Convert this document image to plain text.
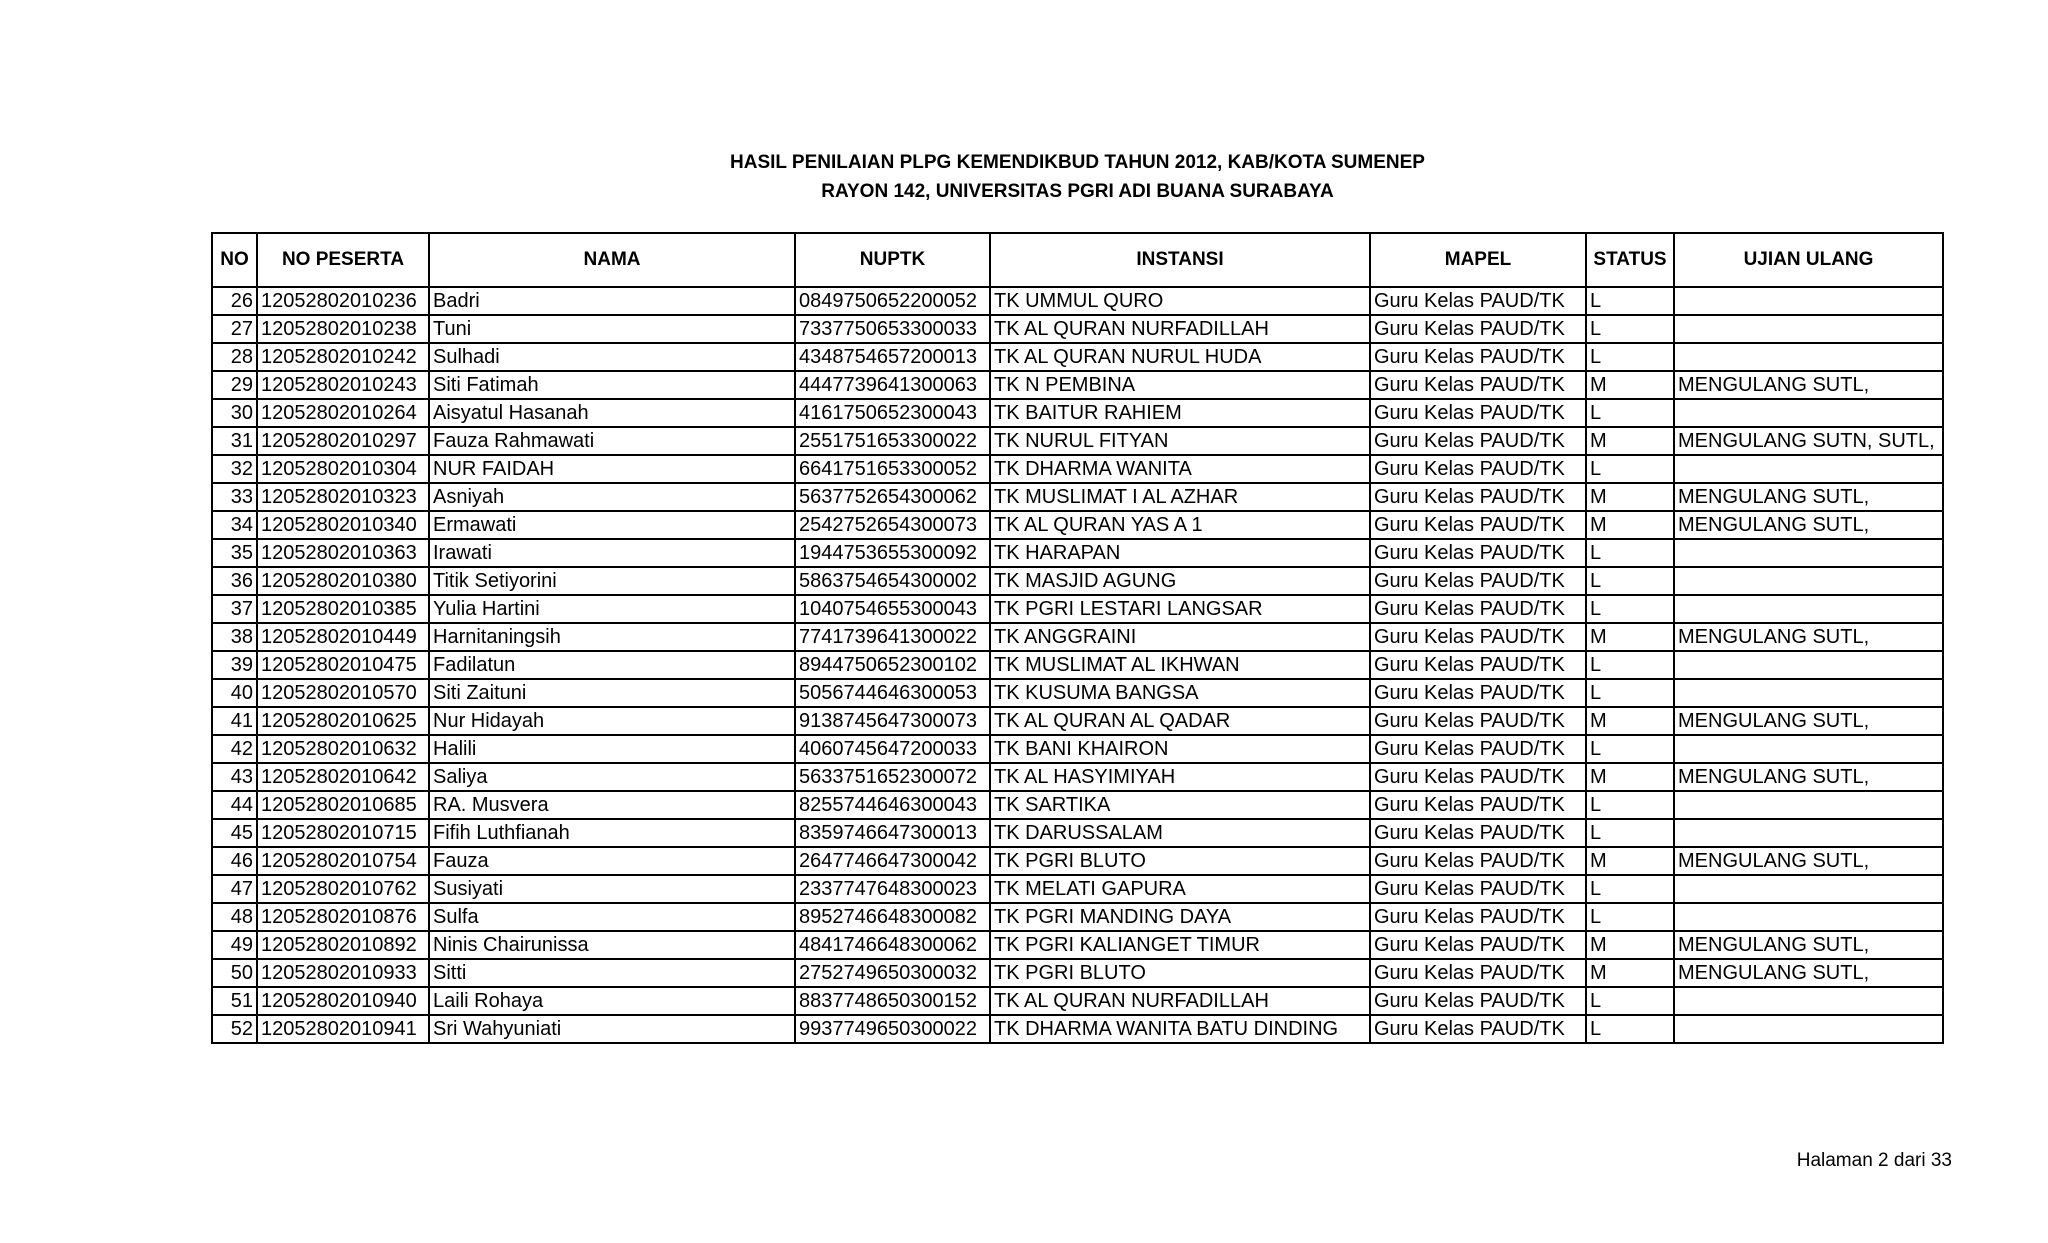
HASIL PENILAIAN PLPG KEMENDIKBUD TAHUN 2012, KAB/KOTA SUMENEP
RAYON 142, UNIVERSITAS PGRI ADI BUANA SURABAYA
NO	NO PESERTA	NAMA	NUPTK	INSTANSI	MAPEL	STATUS	UJIAN ULANG
26	12052802010236	Badri	0849750652200052	TK UMMUL QURO	Guru Kelas PAUD/TK	L	
27	12052802010238	Tuni	7337750653300033	TK AL QURAN NURFADILLAH	Guru Kelas PAUD/TK	L	
28	12052802010242	Sulhadi	4348754657200013	TK AL QURAN NURUL HUDA	Guru Kelas PAUD/TK	L	
29	12052802010243	Siti Fatimah	4447739641300063	TK N PEMBINA	Guru Kelas PAUD/TK	M	MENGULANG SUTL,
30	12052802010264	Aisyatul Hasanah	4161750652300043	TK BAITUR RAHIEM	Guru Kelas PAUD/TK	L	
31	12052802010297	Fauza Rahmawati	2551751653300022	TK NURUL FITYAN	Guru Kelas PAUD/TK	M	MENGULANG SUTN, SUTL,
32	12052802010304	NUR FAIDAH	6641751653300052	TK DHARMA WANITA	Guru Kelas PAUD/TK	L	
33	12052802010323	Asniyah	5637752654300062	TK MUSLIMAT I AL AZHAR	Guru Kelas PAUD/TK	M	MENGULANG SUTL,
34	12052802010340	Ermawati	2542752654300073	TK AL QURAN YAS A 1	Guru Kelas PAUD/TK	M	MENGULANG SUTL,
35	12052802010363	Irawati	1944753655300092	TK HARAPAN	Guru Kelas PAUD/TK	L	
36	12052802010380	Titik Setiyorini	5863754654300002	TK MASJID AGUNG	Guru Kelas PAUD/TK	L	
37	12052802010385	Yulia Hartini	1040754655300043	TK PGRI LESTARI LANGSAR	Guru Kelas PAUD/TK	L	
38	12052802010449	Harnitaningsih	7741739641300022	TK ANGGRAINI	Guru Kelas PAUD/TK	M	MENGULANG SUTL,
39	12052802010475	Fadilatun	8944750652300102	TK MUSLIMAT AL IKHWAN	Guru Kelas PAUD/TK	L	
40	12052802010570	Siti Zaituni	5056744646300053	TK KUSUMA BANGSA	Guru Kelas PAUD/TK	L	
41	12052802010625	Nur Hidayah	9138745647300073	TK AL QURAN AL QADAR	Guru Kelas PAUD/TK	M	MENGULANG SUTL,
42	12052802010632	Halili	4060745647200033	TK BANI KHAIRON	Guru Kelas PAUD/TK	L	
43	12052802010642	Saliya	5633751652300072	TK AL HASYIMIYAH	Guru Kelas PAUD/TK	M	MENGULANG SUTL,
44	12052802010685	RA. Musvera	8255744646300043	TK SARTIKA	Guru Kelas PAUD/TK	L	
45	12052802010715	Fifih Luthfianah	8359746647300013	TK DARUSSALAM	Guru Kelas PAUD/TK	L	
46	12052802010754	Fauza	2647746647300042	TK PGRI BLUTO	Guru Kelas PAUD/TK	M	MENGULANG SUTL,
47	12052802010762	Susiyati	2337747648300023	TK MELATI GAPURA	Guru Kelas PAUD/TK	L	
48	12052802010876	Sulfa	8952746648300082	TK PGRI MANDING DAYA	Guru Kelas PAUD/TK	L	
49	12052802010892	Ninis Chairunissa	4841746648300062	TK PGRI KALIANGET TIMUR	Guru Kelas PAUD/TK	M	MENGULANG SUTL,
50	12052802010933	Sitti	2752749650300032	TK PGRI BLUTO	Guru Kelas PAUD/TK	M	MENGULANG SUTL,
51	12052802010940	Laili Rohaya	8837748650300152	TK AL QURAN NURFADILLAH	Guru Kelas PAUD/TK	L	
52	12052802010941	Sri Wahyuniati	9937749650300022	TK DHARMA WANITA BATU DINDING	Guru Kelas PAUD/TK	L	
Halaman 2 dari 33
